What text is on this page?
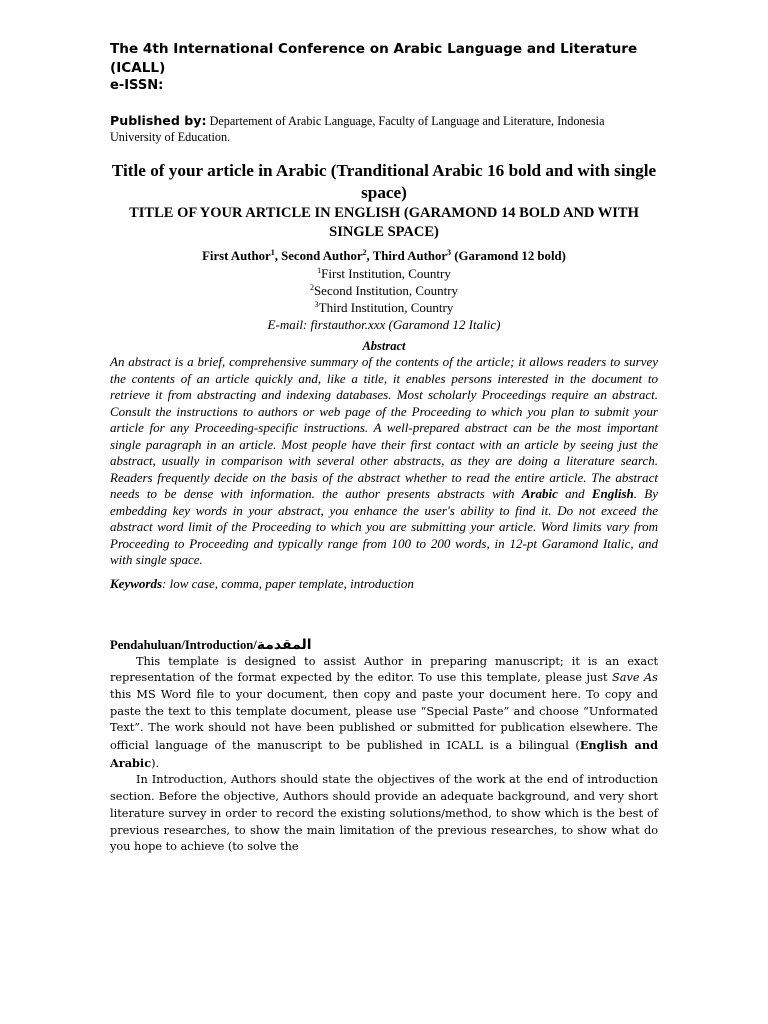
The 4th International Conference on Arabic Language and Literature (ICALL)

e-ISSN:

Published by: Departement of Arabic Language, Faculty of Language and Literature, Indonesia University of Education.
Title of your article in Arabic (Tranditional Arabic 16 bold and with single space)
TITLE OF YOUR ARTICLE IN ENGLISH (GARAMOND 14 BOLD AND WITH SINGLE SPACE)
First Author$^1$, Second Author$^2$, Third Author$^3$ (Garamond 12 bold)
$^1$First Institution, Country
$^2$Second Institution, Country
$^3$Third Institution, Country
E-mail: firstauthor.xxx (Garamond 12 Italic)
Abstract
An abstract is a brief, comprehensive summary of the contents of the article; it allows readers to survey the contents of an article quickly and, like a title, it enables persons interested in the document to retrieve it from abstracting and indexing databases. Most scholarly Proceedings require an abstract. Consult the instructions to authors or web page of the Proceeding to which you plan to submit your article for any Proceeding-specific instructions. A well-prepared abstract can be the most important single paragraph in an article. Most people have their first contact with an article by seeing just the abstract, usually in comparison with several other abstracts, as they are doing a literature search. Readers frequently decide on the basis of the abstract whether to read the entire article. The abstract needs to be dense with information. the author presents abstracts with Arabic and English. By embedding key words in your abstract, you enhance the user's ability to find it. Do not exceed the abstract word limit of the Proceeding to which you are submitting your article. Word limits vary from Proceeding to Proceeding and typically range from 100 to 200 words, in 12-pt Garamond Italic, and with single space.
Keywords: low case, comma, paper template, introduction
Pendahuluan/Introduction/المقدمة

This template is designed to assist Author in preparing manuscript; it is an exact representation of the format expected by the editor. To use this template, please just Save As this MS Word file to your document, then copy and paste your document here. To copy and paste the text to this template document, please use “Special Paste” and choose “Unformated Text”. The work should not have been published or submitted for publication elsewhere. The official language of the manuscript to be published in ICALL is a bilingual (English and Arabic).

In Introduction, Authors should state the objectives of the work at the end of introduction section. Before the objective, Authors should provide an adequate background, and very short literature survey in order to record the existing solutions/method, to show which is the best of previous researches, to show the main limitation of the previous researches, to show what do you hope to achieve (to solve the
